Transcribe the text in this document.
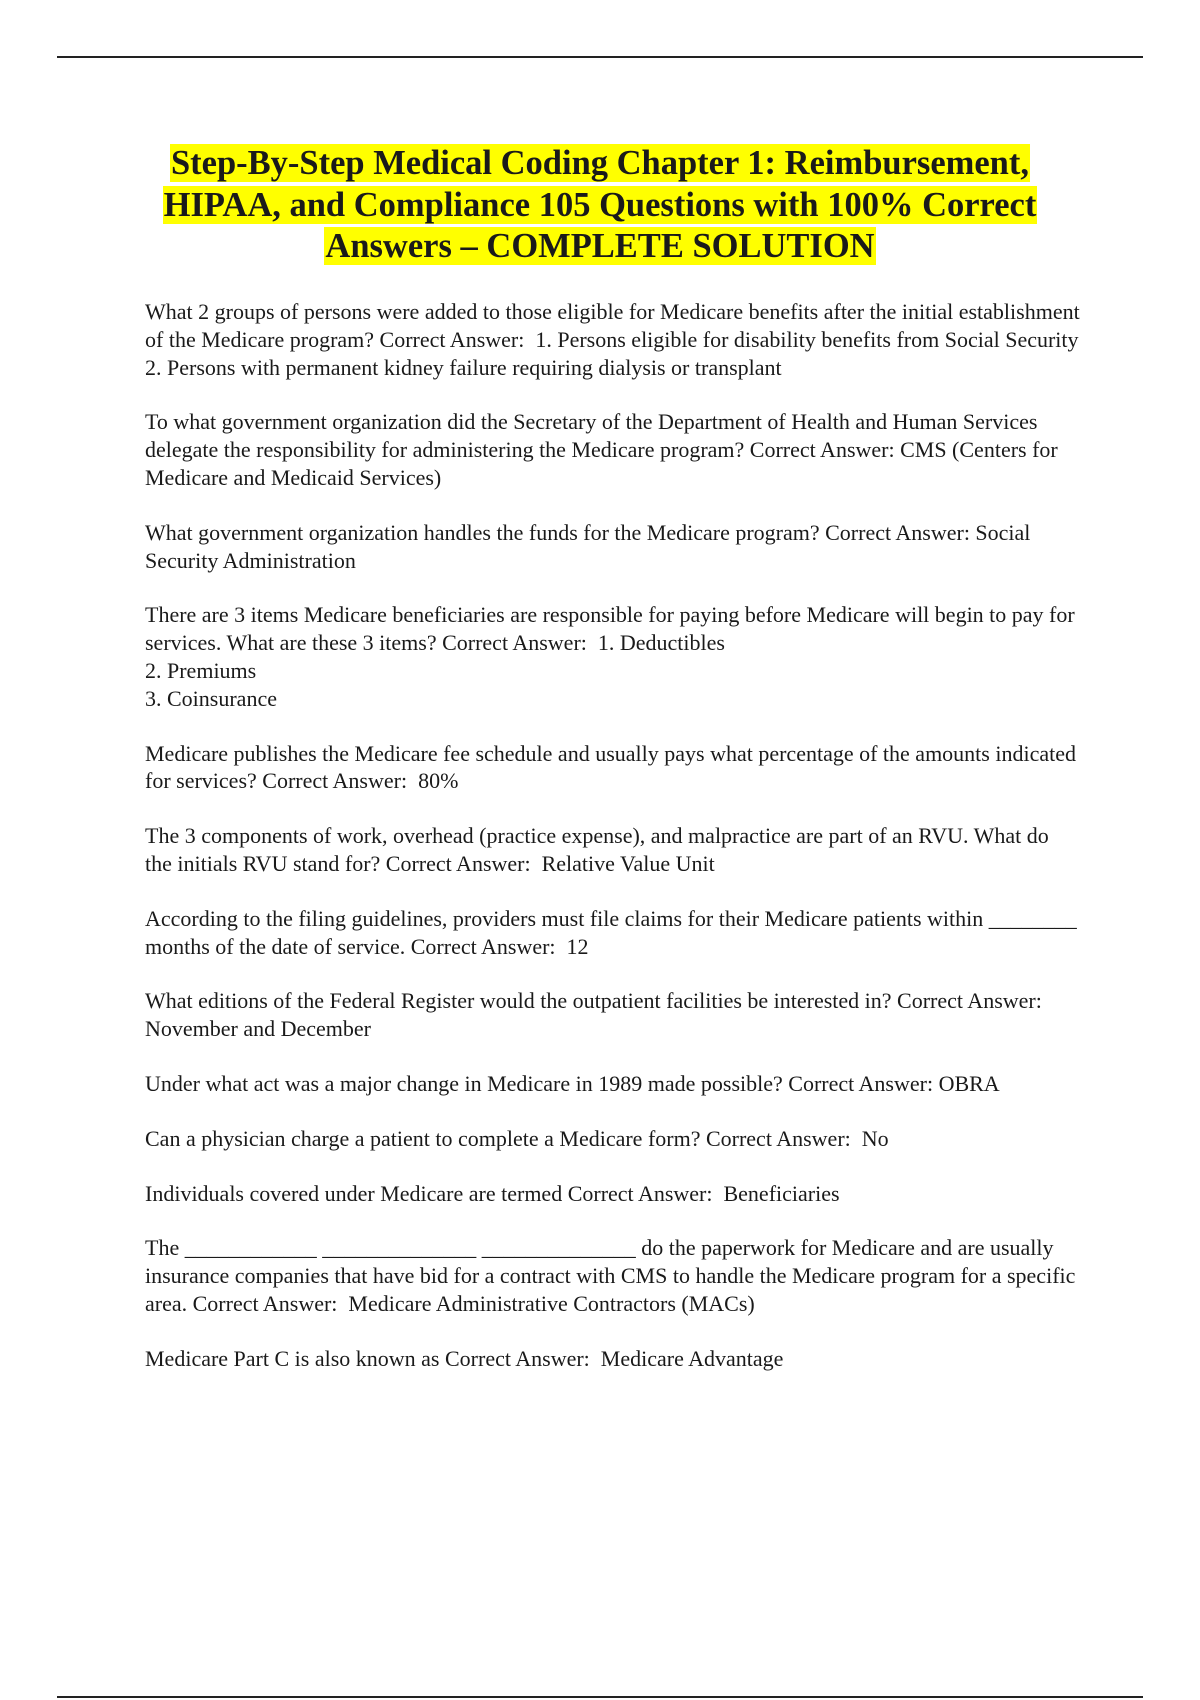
Step-By-Step Medical Coding Chapter 1: Reimbursement, HIPAA, and Compliance 105 Questions with 100% Correct Answers – COMPLETE SOLUTION
What 2 groups of persons were added to those eligible for Medicare benefits after the initial establishment of the Medicare program? Correct Answer:  1. Persons eligible for disability benefits from Social Security
2. Persons with permanent kidney failure requiring dialysis or transplant
To what government organization did the Secretary of the Department of Health and Human Services delegate the responsibility for administering the Medicare program? Correct Answer: CMS (Centers for Medicare and Medicaid Services)
What government organization handles the funds for the Medicare program? Correct Answer: Social Security Administration
There are 3 items Medicare beneficiaries are responsible for paying before Medicare will begin to pay for services. What are these 3 items? Correct Answer:  1. Deductibles
2. Premiums
3. Coinsurance
Medicare publishes the Medicare fee schedule and usually pays what percentage of the amounts indicated for services? Correct Answer:  80%
The 3 components of work, overhead (practice expense), and malpractice are part of an RVU. What do the initials RVU stand for? Correct Answer:  Relative Value Unit
According to the filing guidelines, providers must file claims for their Medicare patients within ________ months of the date of service. Correct Answer:  12
What editions of the Federal Register would the outpatient facilities be interested in? Correct Answer:  November and December
Under what act was a major change in Medicare in 1989 made possible? Correct Answer: OBRA
Can a physician charge a patient to complete a Medicare form? Correct Answer:  No
Individuals covered under Medicare are termed Correct Answer:  Beneficiaries
The ____________ ______________ ______________ do the paperwork for Medicare and are usually insurance companies that have bid for a contract with CMS to handle the Medicare program for a specific area. Correct Answer:  Medicare Administrative Contractors (MACs)
Medicare Part C is also known as Correct Answer:  Medicare Advantage
